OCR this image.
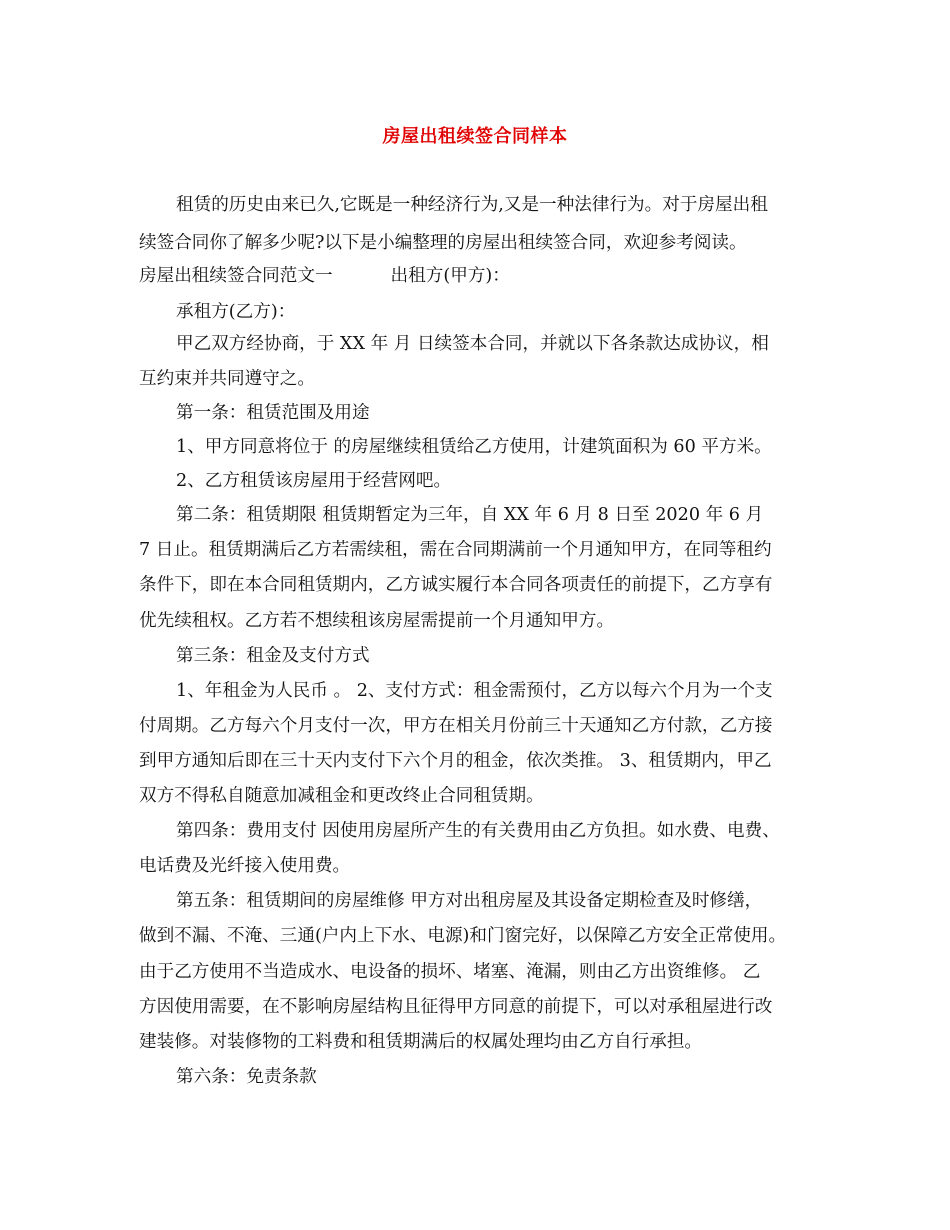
房屋出租续签合同样本
租赁的历史由来已久,它既是一种经济行为,又是一种法律行为。对于房屋出租
续签合同你了解多少呢?以下是小编整理的房屋出租续签合同，欢迎参考阅读。
房屋出租续签合同范文一	出租方(甲方)：
承租方(乙方)：
甲乙双方经协商，于 XX 年 月 日续签本合同，并就以下各条款达成协议，相
互约束并共同遵守之。
第一条：租赁范围及用途
1、甲方同意将位于 的房屋继续租赁给乙方使用，计建筑面积为 60 平方米。
2、乙方租赁该房屋用于经营网吧。
第二条：租赁期限 租赁期暂定为三年，自 XX 年 6 月 8 日至 2020 年 6 月
7 日止。租赁期满后乙方若需续租，需在合同期满前一个月通知甲方，在同等租约
条件下，即在本合同租赁期内，乙方诚实履行本合同各项责任的前提下，乙方享有
优先续租权。乙方若不想续租该房屋需提前一个月通知甲方。
第三条：租金及支付方式
1、年租金为人民币 。 2、支付方式：租金需预付，乙方以每六个月为一个支
付周期。乙方每六个月支付一次，甲方在相关月份前三十天通知乙方付款，乙方接
到甲方通知后即在三十天内支付下六个月的租金，依次类推。 3、租赁期内，甲乙
双方不得私自随意加减租金和更改终止合同租赁期。
第四条：费用支付 因使用房屋所产生的有关费用由乙方负担。如水费、电费、
电话费及光纤接入使用费。
第五条：租赁期间的房屋维修 甲方对出租房屋及其设备定期检查及时修缮，
做到不漏、不淹、三通(户内上下水、电源)和门窗完好，以保障乙方安全正常使用。
由于乙方使用不当造成水、电设备的损坏、堵塞、淹漏，则由乙方出资维修。 乙
方因使用需要，在不影响房屋结构且征得甲方同意的前提下，可以对承租屋进行改
建装修。对装修物的工料费和租赁期满后的权属处理均由乙方自行承担。
第六条：免责条款
